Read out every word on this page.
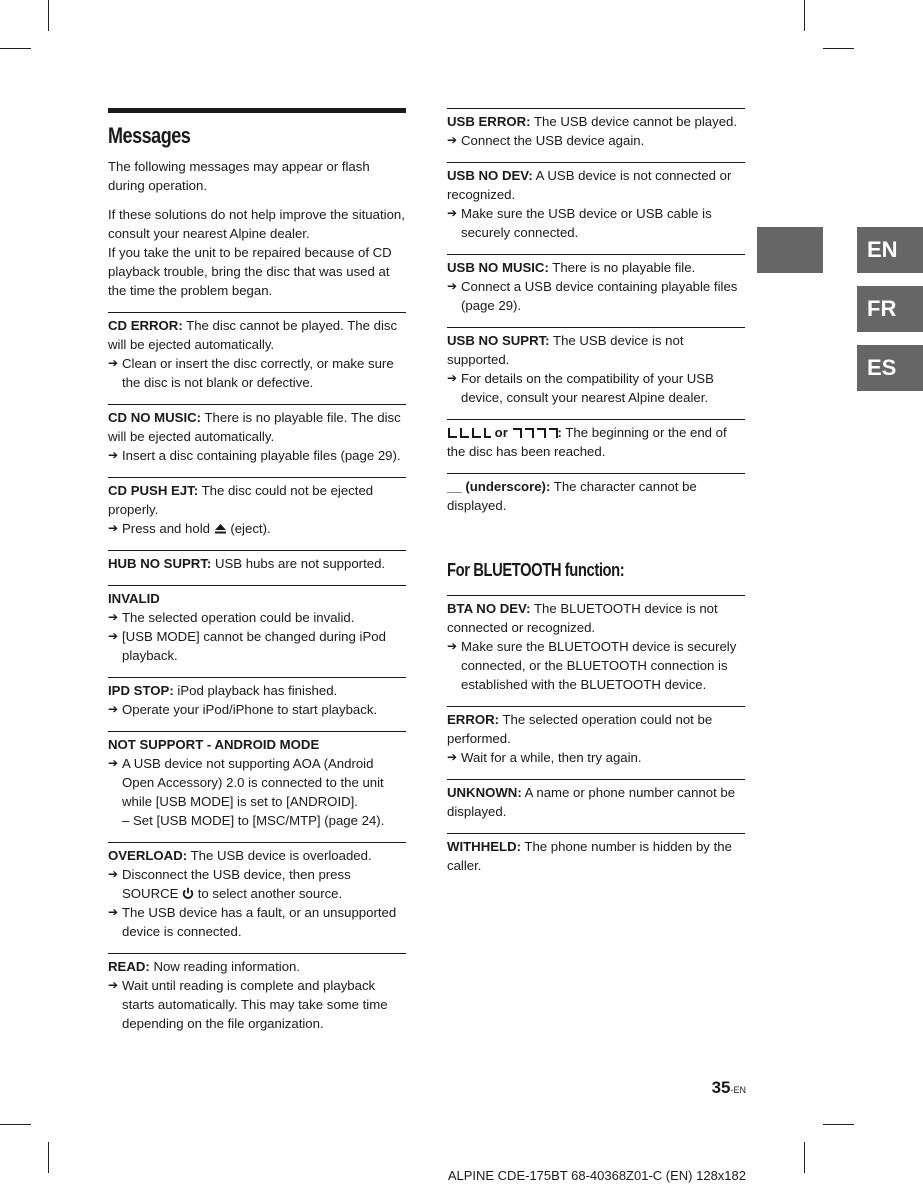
Messages

The following messages may appear or flash during operation.

If these solutions do not help improve the situation, consult your nearest Alpine dealer.
If you take the unit to be repaired because of CD playback trouble, bring the disc that was used at the time the problem began.

CD ERROR: The disc cannot be played. The disc will be ejected automatically.
➔ Clean or insert the disc correctly, or make sure the disc is not blank or defective.
CD NO MUSIC: There is no playable file. The disc will be ejected automatically.
➔ Insert a disc containing playable files (page 29).
CD PUSH EJT: The disc could not be ejected properly.
➔ Press and hold (eject).
HUB NO SUPRT: USB hubs are not supported.
INVALID
➔ The selected operation could be invalid.
➔ [USB MODE] cannot be changed during iPod playback.
IPD STOP: iPod playback has finished.
➔ Operate your iPod/iPhone to start playback.
NOT SUPPORT - ANDROID MODE
➔ A USB device not supporting AOA (Android Open Accessory) 2.0 is connected to the unit while [USB MODE] is set to [ANDROID].
– Set [USB MODE] to [MSC/MTP] (page 24).
OVERLOAD: The USB device is overloaded.
➔ Disconnect the USB device, then press SOURCE to select another source.
➔ The USB device has a fault, or an unsupported device is connected.
READ: Now reading information.
➔ Wait until reading is complete and playback starts automatically. This may take some time depending on the file organization.
USB ERROR: The USB device cannot be played.
➔ Connect the USB device again.
USB NO DEV: A USB device is not connected or recognized.
➔ Make sure the USB device or USB cable is securely connected.
USB NO MUSIC: There is no playable file.
➔ Connect a USB device containing playable files (page 29).
USB NO SUPRT: The USB device is not supported.
➔ For details on the compatibility of your USB device, consult your nearest Alpine dealer.
or	: The beginning or the end of the disc has been reached.
__ (underscore): The character cannot be displayed.
For BLUETOOTH function:
BTA NO DEV: The BLUETOOTH device is not connected or recognized.
➔ Make sure the BLUETOOTH device is securely connected, or the BLUETOOTH connection is established with the BLUETOOTH device.
ERROR: The selected operation could not be performed.
➔ Wait for a while, then try again.
UNKNOWN: A name or phone number cannot be displayed.
WITHHELD: The phone number is hidden by the caller.
EN
FR
ES
35-EN
ALPINE CDE-175BT 68-40368Z01-C (EN) 128x182
